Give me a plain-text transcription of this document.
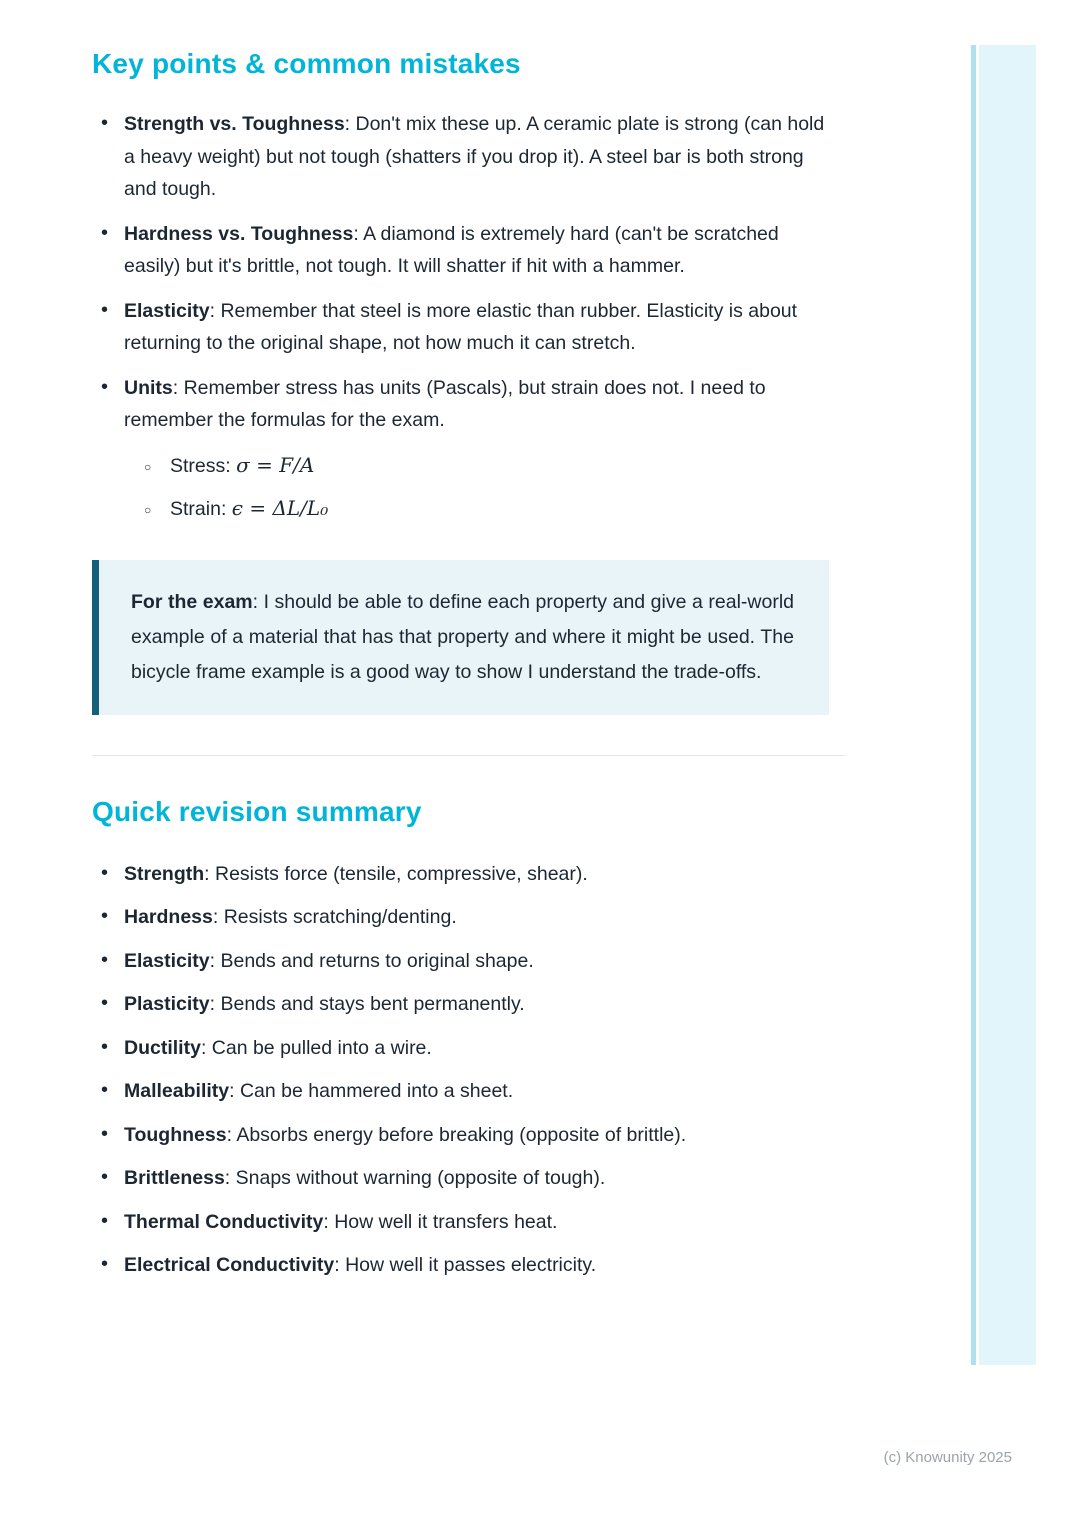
Key points & common mistakes
• Strength vs. Toughness: Don't mix these up. A ceramic plate is strong (can hold a heavy weight) but not tough (shatters if you drop it). A steel bar is both strong and tough.
• Hardness vs. Toughness: A diamond is extremely hard (can't be scratched easily) but it's brittle, not tough. It will shatter if hit with a hammer.
• Elasticity: Remember that steel is more elastic than rubber. Elasticity is about returning to the original shape, not how much it can stretch.
• Units: Remember stress has units (Pascals), but strain does not. I need to remember the formulas for the exam.
○ Stress: σ = F/A
○ Strain: ϵ = ΔL/L₀

For the exam: I should be able to define each property and give a real-world example of a material that has that property and where it might be used. The bicycle frame example is a good way to show I understand the trade-offs.

Quick revision summary
• Strength: Resists force (tensile, compressive, shear).
• Hardness: Resists scratching/denting.
• Elasticity: Bends and returns to original shape.
• Plasticity: Bends and stays bent permanently.
• Ductility: Can be pulled into a wire.
• Malleability: Can be hammered into a sheet.
• Toughness: Absorbs energy before breaking (opposite of brittle).
• Brittleness: Snaps without warning (opposite of tough).
• Thermal Conductivity: How well it transfers heat.
• Electrical Conductivity: How well it passes electricity.
(c) Knowunity 2025
